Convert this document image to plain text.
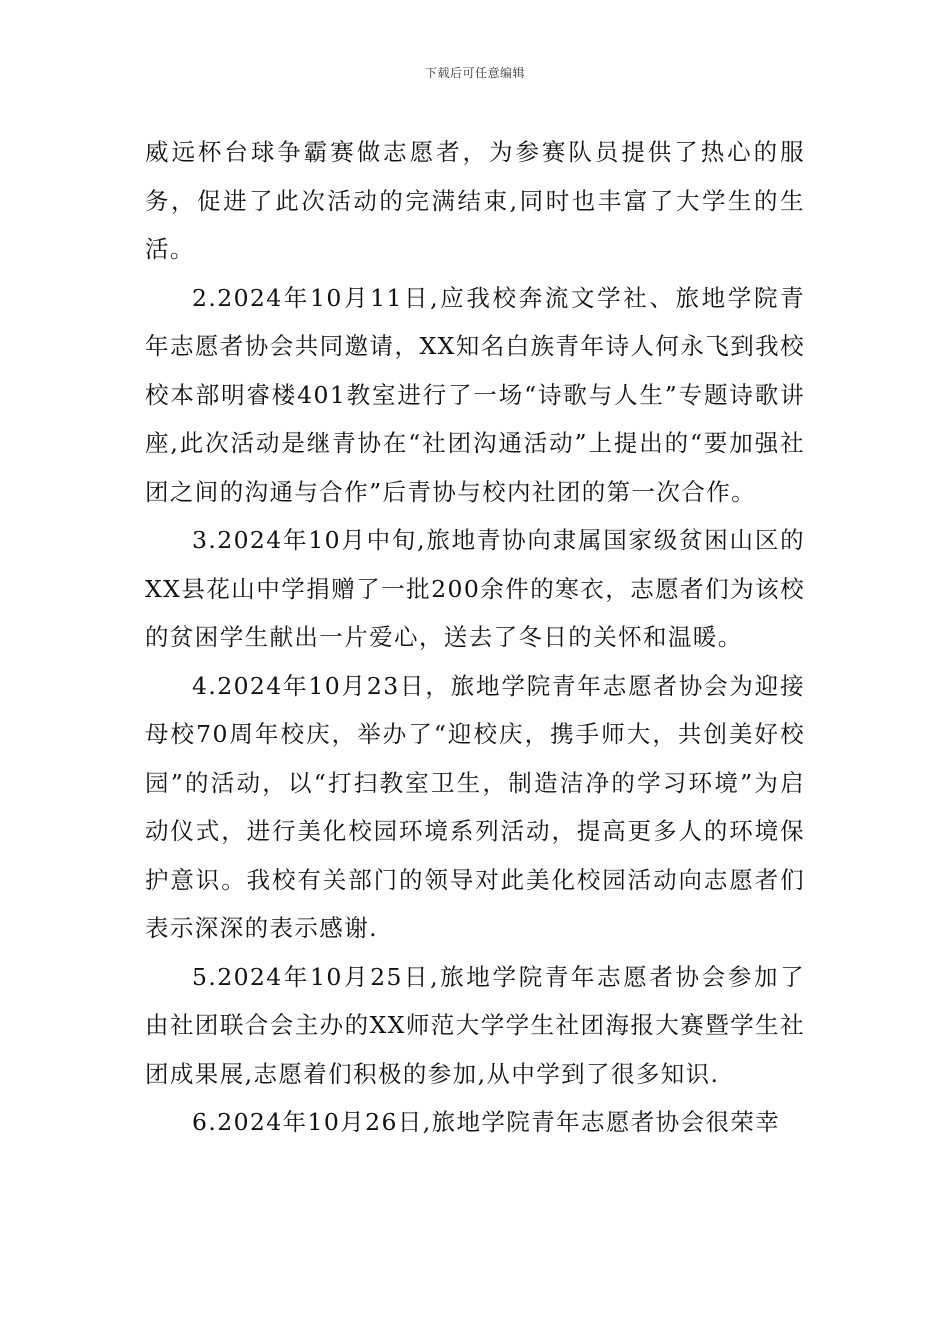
下载后可任意编辑

威远杯台球争霸赛做志愿者，为参赛队员提供了热心的服务，促进了此次活动的完满结束,同时也丰富了大学生的生活。

2.2024年10月11日,应我校奔流文学社、旅地学院青年志愿者协会共同邀请，XX知名白族青年诗人何永飞到我校校本部明睿楼401教室进行了一场“诗歌与人生”专题诗歌讲座,此次活动是继青协在“社团沟通活动”上提出的“要加强社团之间的沟通与合作”后青协与校内社团的第一次合作。

3.2024年10月中旬,旅地青协向隶属国家级贫困山区的XX县花山中学捐赠了一批200余件的寒衣，志愿者们为该校的贫困学生献出一片爱心，送去了冬日的关怀和温暖。

4.2024年10月23日，旅地学院青年志愿者协会为迎接母校70周年校庆，举办了“迎校庆，携手师大，共创美好校园”的活动，以“打扫教室卫生，制造洁净的学习环境”为启动仪式，进行美化校园环境系列活动，提高更多人的环境保护意识。我校有关部门的领导对此美化校园活动向志愿者们表示深深的表示感谢.

5.2024年10月25日,旅地学院青年志愿者协会参加了由社团联合会主办的XX师范大学学生社团海报大赛暨学生社团成果展,志愿着们积极的参加,从中学到了很多知识.

6.2024年10月26日,旅地学院青年志愿者协会很荣幸
